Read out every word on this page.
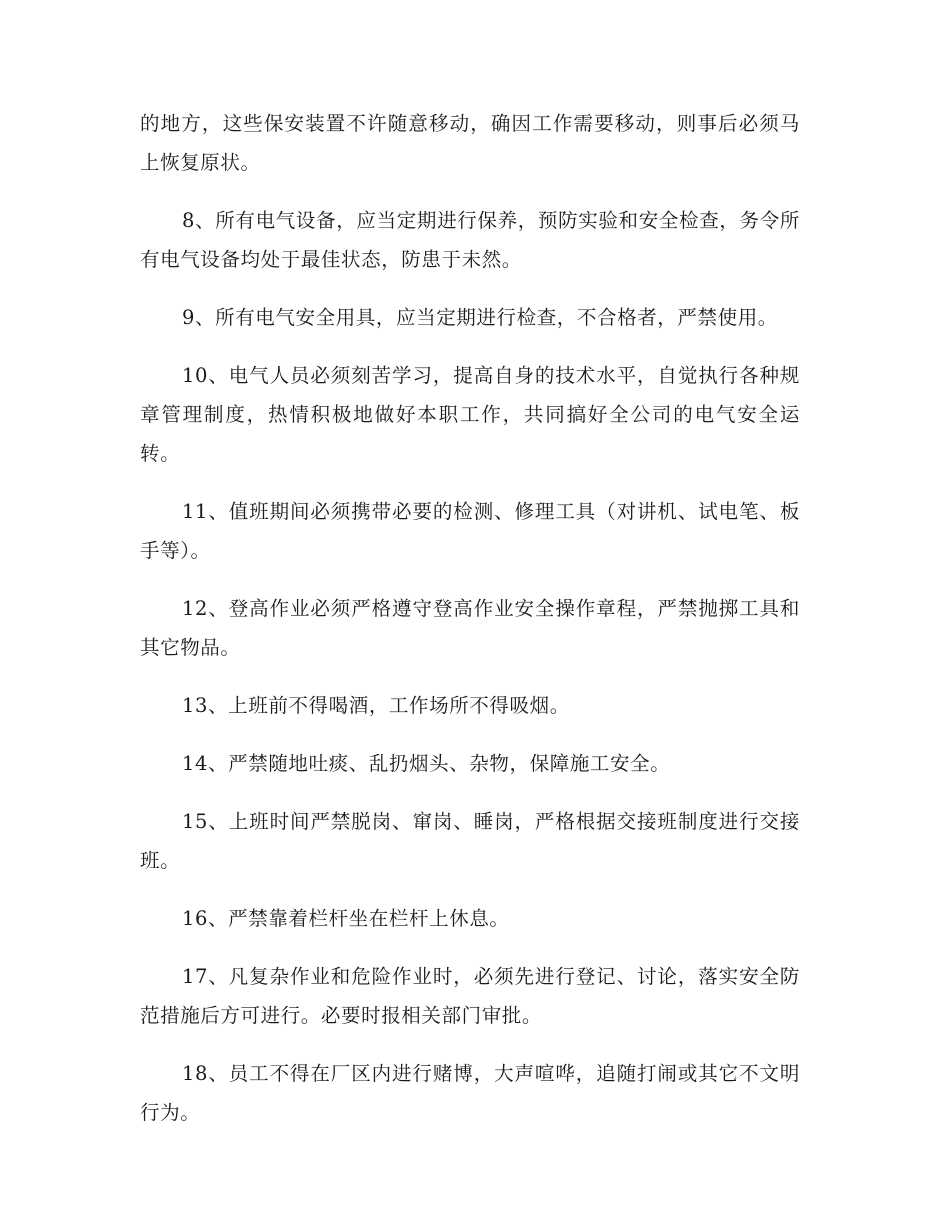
的地方，这些保安装置不许随意移动，确因工作需要移动，则事后必须马上恢复原状。

8、所有电气设备，应当定期进行保养，预防实验和安全检查，务令所有电气设备均处于最佳状态，防患于未然。

9、所有电气安全用具，应当定期进行检查，不合格者，严禁使用。

10、电气人员必须刻苦学习，提高自身的技术水平，自觉执行各种规章管理制度，热情积极地做好本职工作，共同搞好全公司的电气安全运转。

11、值班期间必须携带必要的检测、修理工具（对讲机、试电笔、板手等）。

12、登高作业必须严格遵守登高作业安全操作章程，严禁抛掷工具和其它物品。

13、上班前不得喝酒，工作场所不得吸烟。

14、严禁随地吐痰、乱扔烟头、杂物，保障施工安全。

15、上班时间严禁脱岗、窜岗、睡岗，严格根据交接班制度进行交接班。

16、严禁靠着栏杆坐在栏杆上休息。

17、凡复杂作业和危险作业时，必须先进行登记、讨论，落实安全防范措施后方可进行。必要时报相关部门审批。

18、员工不得在厂区内进行赌博，大声喧哗，追随打闹或其它不文明行为。
